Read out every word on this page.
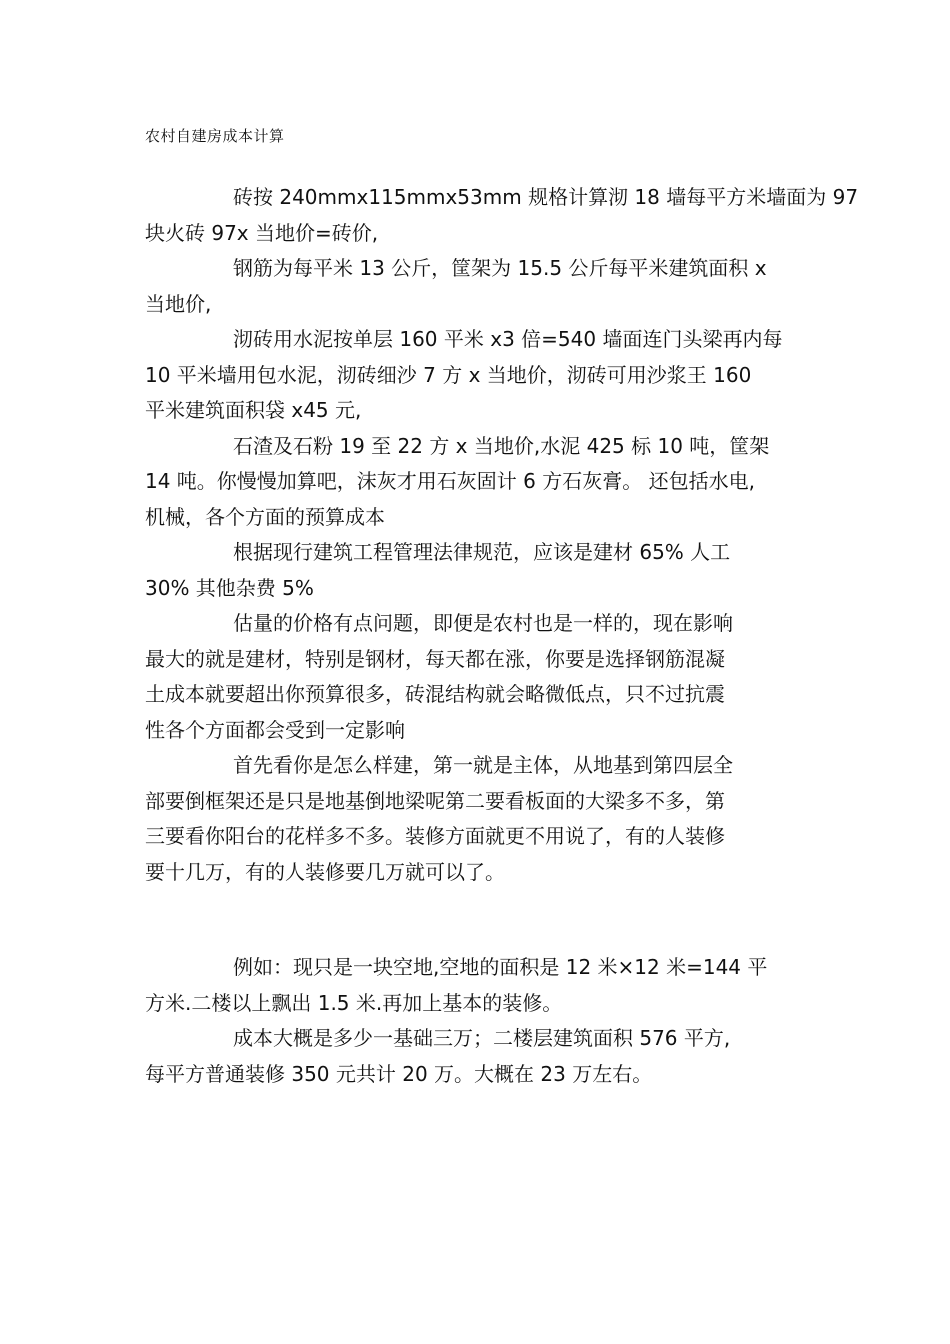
农村自建房成本计算

砖按 240mmx115mmx53mm 规格计算沏 18 墙每平方米墙面为 97
块火砖 97x 当地价=砖价,

钢筋为每平米 13 公斤，筐架为 15.5 公斤每平米建筑面积 x
当地价,

沏砖用水泥按单层 160 平米 x3 倍=540 墙面连门头梁再内每
10 平米墙用包水泥，沏砖细沙 7 方 x 当地价，沏砖可用沙浆王 160
平米建筑面积袋 x45 元,

石渣及石粉 19 至 22 方 x 当地价,水泥 425 标 10 吨，筐架
14 吨。你慢慢加算吧，沫灰才用石灰固计 6 方石灰膏。 还包括水电,
机械，各个方面的预算成本

根据现行建筑工程管理法律规范，应该是建材 65% 人工
30% 其他杂费 5%

估量的价格有点问题，即便是农村也是一样的，现在影响
最大的就是建材，特别是钢材，每天都在涨，你要是选择钢筋混凝
土成本就要超出你预算很多，砖混结构就会略微低点，只不过抗震
性各个方面都会受到一定影响

首先看你是怎么样建，第一就是主体，从地基到第四层全
部要倒框架还是只是地基倒地梁呢第二要看板面的大梁多不多，第
三要看你阳台的花样多不多。装修方面就更不用说了，有的人装修
要十几万，有的人装修要几万就可以了。

例如：现只是一块空地,空地的面积是 12 米×12 米=144 平
方米.二楼以上飘出 1.5 米.再加上基本的装修。

成本大概是多少一基础三万；二楼层建筑面积 576 平方,
每平方普通装修 350 元共计 20 万。大概在 23 万左右。
